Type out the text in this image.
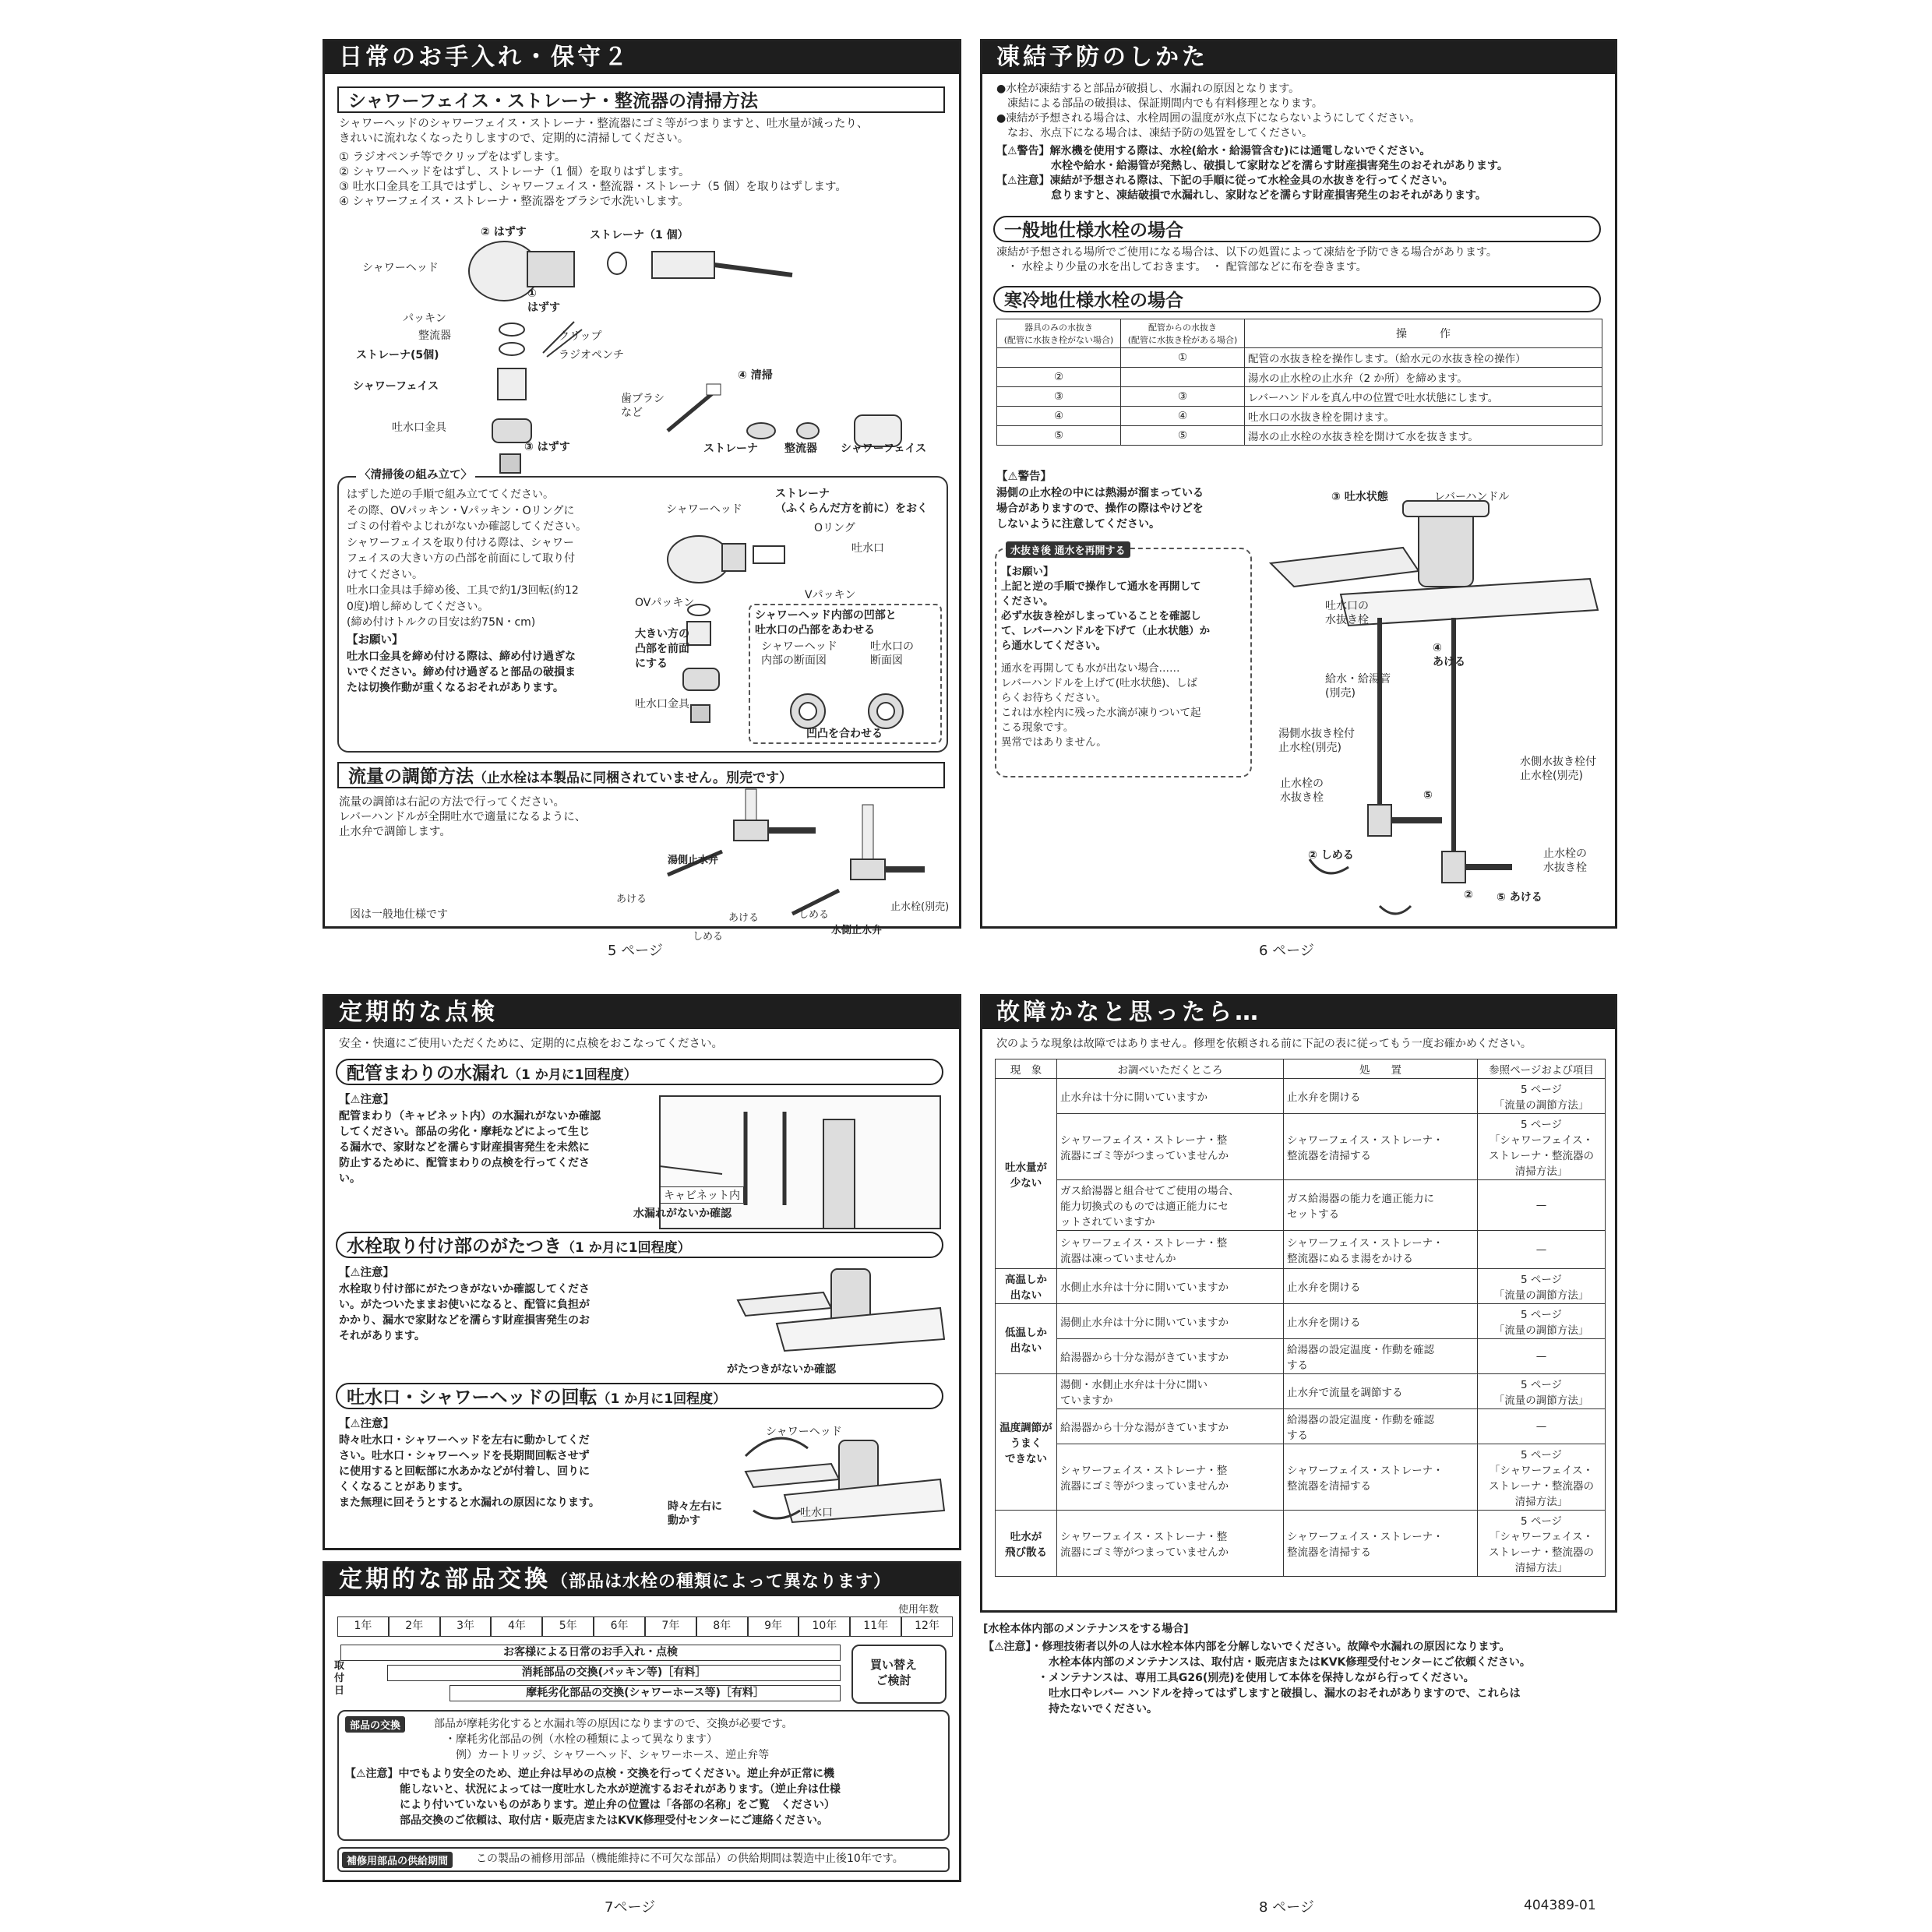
日常のお手入れ・保守２
シャワーフェイス・ストレーナ・整流器の清掃方法
シャワーヘッドのシャワーフェイス・ストレーナ・整流器にゴミ等がつまりますと、吐水量が減ったり、
きれいに流れなくなったりしますので、定期的に清掃してください。
① ラジオペンチ等でクリップをはずします。
② シャワーヘッドをはずし、ストレーナ（1 個）を取りはずします。
③ 吐水口金具を工具ではずし、シャワーフェイス・整流器・ストレーナ（5 個）を取りはずします。
④ シャワーフェイス・ストレーナ・整流器をブラシで水洗いします。
② はずす	ストレーナ（1 個）
シャワーヘッド
①
はずす
パッキン
整流器	クリップ
ストレーナ(5個)	ラジオペンチ
シャワーフェイス
吐水口金具
③ はずす
歯ブラシ
など
④ 清掃
ストレーナ 整流器 シャワーフェイス
〈清掃後の組み立て〉
はずした逆の手順で組み立ててください。
その際、OVパッキン・Vパッキン・Oリングに
ゴミの付着やよじれがないか確認してください。
シャワーフェイスを取り付ける際は、シャワー
フェイスの大きい方の凸部を前面にして取り付
けてください。
吐水口金具は手締め後、工具で約1/3回転(約12
0度)増し締めしてください。
(締め付けトルクの目安は約75N・cm)
【お願い】
吐水口金具を締め付ける際は、締め付け過ぎな
いでください。締め付け過ぎると部品の破損ま
たは切換作動が重くなるおそれがあります。
シャワーヘッド
ストレーナ
（ふくらんだ方を前に）をおく
Oリング
吐水口
OVパッキン
Vパッキン
大きい方の
凸部を前面
にする
吐水口金具
シャワーヘッド内部の凹部と
吐水口の凸部をあわせる
シャワーヘッド
内部の断面図
吐水口の
断面図
凹凸を合わせる
流量の調節方法（止水栓は本製品に同梱されていません。別売です）
流量の調節は右記の方法で行ってください。
レバーハンドルが全開吐水で適量になるように、
止水弁で調節します。
湯側止水弁
あける
しめる
止水栓(別売)
水側止水弁
あける	しめる
図は一般地仕様です
5 ページ
凍結予防のしかた
●水栓が凍結すると部品が破損し、水漏れの原因となります。
　凍結による部品の破損は、保証期間内でも有料修理となります。
●凍結が予想される場合は、水栓周囲の温度が氷点下にならないようにしてください。
　なお、氷点下になる場合は、凍結予防の処置をしてください。
【⚠警告】解氷機を使用する際は、水栓(給水・給湯管含む)には通電しないでください。
　　　　　水栓や給水・給湯管が発熱し、破損して家財などを濡らす財産損害発生のおそれがあります。
【⚠注意】凍結が予想される際は、下記の手順に従って水栓金具の水抜きを行ってください。
　　　　　怠りますと、凍結破損で水漏れし、家財などを濡らす財産損害発生のおそれがあります。
一般地仕様水栓の場合
凍結が予想される場所でご使用になる場合は、以下の処置によって凍結を予防できる場合があります。
　・ 水栓より少量の水を出しておきます。　・ 配管部などに布を巻きます。
寒冷地仕様水栓の場合
器具のみの水抜き
(配管に水抜き栓がない場合)	配管からの水抜き
(配管に水抜き栓がある場合)	操　　　作
	①	配管の水抜き栓を操作します。（給水元の水抜き栓の操作）
②		湯水の止水栓の止水弁（2 か所）を締めます。
③	③	レバーハンドルを真ん中の位置で吐水状態にします。
④	④	吐水口の水抜き栓を開けます。
⑤	⑤	湯水の止水栓の水抜き栓を開けて水を抜きます。
【⚠警告】
湯側の止水栓の中には熱湯が溜まっている
場合がありますので、操作の際はやけどを
しないように注意してください。
水抜き後 通水を再開する
【お願い】
上記と逆の手順で操作して通水を再開して
ください。
必ず水抜き栓がしまっていることを確認し
て、レバーハンドルを下げて（止水状態）か
ら通水してください。
通水を再開しても水が出ない場合……
レバーハンドルを上げて(吐水状態)、しば
らくお待ちください。
これは水栓内に残った水滴が凍りついて起
こる現象です。
異常ではありません。
③ 吐水状態	レバーハンドル
吐水口の
水抜き栓
④
あける
給水・給湯管
(別売)
湯側水抜き栓付
止水栓(別売)
水側水抜き栓付
止水栓(別売)
止水栓の
水抜き栓	⑤
② しめる	止水栓の
水抜き栓
② ⑤ あける
6 ページ
定期的な点検
安全・快適にご使用いただくために、定期的に点検をおこなってください。
配管まわりの水漏れ（1 か月に1回程度）
【⚠注意】
配管まわり（キャビネット内）の水漏れがないか確認
してください。部品の劣化・摩耗などによって生じ
る漏水で、家財などを濡らす財産損害発生を未然に
防止するために、配管まわりの点検を行ってくださ
い。
キャビネット内
水漏れがないか確認
水栓取り付け部のがたつき（1 か月に1回程度）
【⚠注意】
水栓取り付け部にがたつきがないか確認してくださ
い。がたついたままお使いになると、配管に負担が
かかり、漏水で家財などを濡らす財産損害発生のお
それがあります。
がたつきがないか確認
吐水口・シャワーヘッドの回転（1 か月に1回程度）
【⚠注意】
時々吐水口・シャワーヘッドを左右に動かしてくだ
さい。吐水口・シャワーヘッドを長期間回転させず
に使用すると回転部に水あかなどが付着し、回りに
くくなることがあります。
また無理に回そうとすると水漏れの原因になります。
シャワーヘッド
時々左右に
動かす
吐水口
定期的な部品交換（部品は水栓の種類によって異なります）
使用年数
1年	2年	3年	4年	5年	6年	7年	8年	9年	10年	11年	12年
取
付
日
お客様による日常のお手入れ・点検
消耗部品の交換(パッキン等)［有料］
摩耗劣化部品の交換(シャワーホース等)［有料］
買い替え
ご検討
部品の交換	部品が摩耗劣化すると水漏れ等の原因になりますので、交換が必要です。
　・摩耗劣化部品の例（水栓の種類によって異なります）
　　例）カートリッジ、シャワーヘッド、シャワーホース、逆止弁等
【⚠注意】中でもより安全のため、逆止弁は早めの点検・交換を行ってください。逆止弁が正常に機
　　　　　能しないと、状況によっては一度吐水した水が逆流するおそれがあります。（逆止弁は仕様
　　　　　により付いていないものがあります。逆止弁の位置は「各部の名称」をご覧　ください）
　　　　　部品交換のご依頼は、取付店・販売店またはKVK修理受付センターにご連絡ください。
補修用部品の供給期間	この製品の補修用部品（機能維持に不可欠な部品）の供給期間は製造中止後10年です。
7ページ
故障かなと思ったら…
次のような現象は故障ではありません。修理を依頼される前に下記の表に従ってもう一度お確かめください。
現　象	お調べいただくところ	処　　置	参照ページおよび項目
吐水量が
少ない	止水弁は十分に開いていますか	止水弁を開ける	5 ページ
「流量の調節方法」
	シャワーフェイス・ストレーナ・整
流器にゴミ等がつまっていませんか	シャワーフェイス・ストレーナ・
整流器を清掃する	5 ページ
「シャワーフェイス・
ストレーナ・整流器の
清掃方法」
	ガス給湯器と組合せてご使用の場合、
能力切換式のものでは適正能力にセ
ットされていますか	ガス給湯器の能力を適正能力に
セットする	—
	シャワーフェイス・ストレーナ・整
流器は凍っていませんか	シャワーフェイス・ストレーナ・
整流器にぬるま湯をかける	—
高温しか
出ない	水側止水弁は十分に開いていますか	止水弁を開ける	5 ページ
「流量の調節方法」
低温しか
出ない	湯側止水弁は十分に開いていますか	止水弁を開ける	5 ページ
「流量の調節方法」
	給湯器から十分な湯がきていますか	給湯器の設定温度・作動を確認
する	—
温度調節が
うまく
できない	湯側・水側止水弁は十分に開い
ていますか	止水弁で流量を調節する	5 ページ
「流量の調節方法」
	給湯器から十分な湯がきていますか	給湯器の設定温度・作動を確認
する	—
	シャワーフェイス・ストレーナ・整
流器にゴミ等がつまっていませんか	シャワーフェイス・ストレーナ・
整流器を清掃する	5 ページ
「シャワーフェイス・
ストレーナ・整流器の
清掃方法」
吐水が
飛び散る	シャワーフェイス・ストレーナ・整
流器にゴミ等がつまっていませんか	シャワーフェイス・ストレーナ・
整流器を清掃する	5 ページ
「シャワーフェイス・
ストレーナ・整流器の
清掃方法」
[水栓本体内部のメンテナンスをする場合]
【⚠注意】・修理技術者以外の人は水栓本体内部を分解しないでください。故障や水漏れの原因になります。
　　　　　　水栓本体内部のメンテナンスは、取付店・販売店またはKVK修理受付センターにご依頼ください。
　　　　　・メンテナンスは、専用工具G26(別売)を使用して本体を保持しながら行ってください。
　　　　　　吐水口やレバー ハンドルを持ってはずしますと破損し、漏水のおそれがありますので、これらは
　　　　　　持たないでください。
8 ページ	404389-01
